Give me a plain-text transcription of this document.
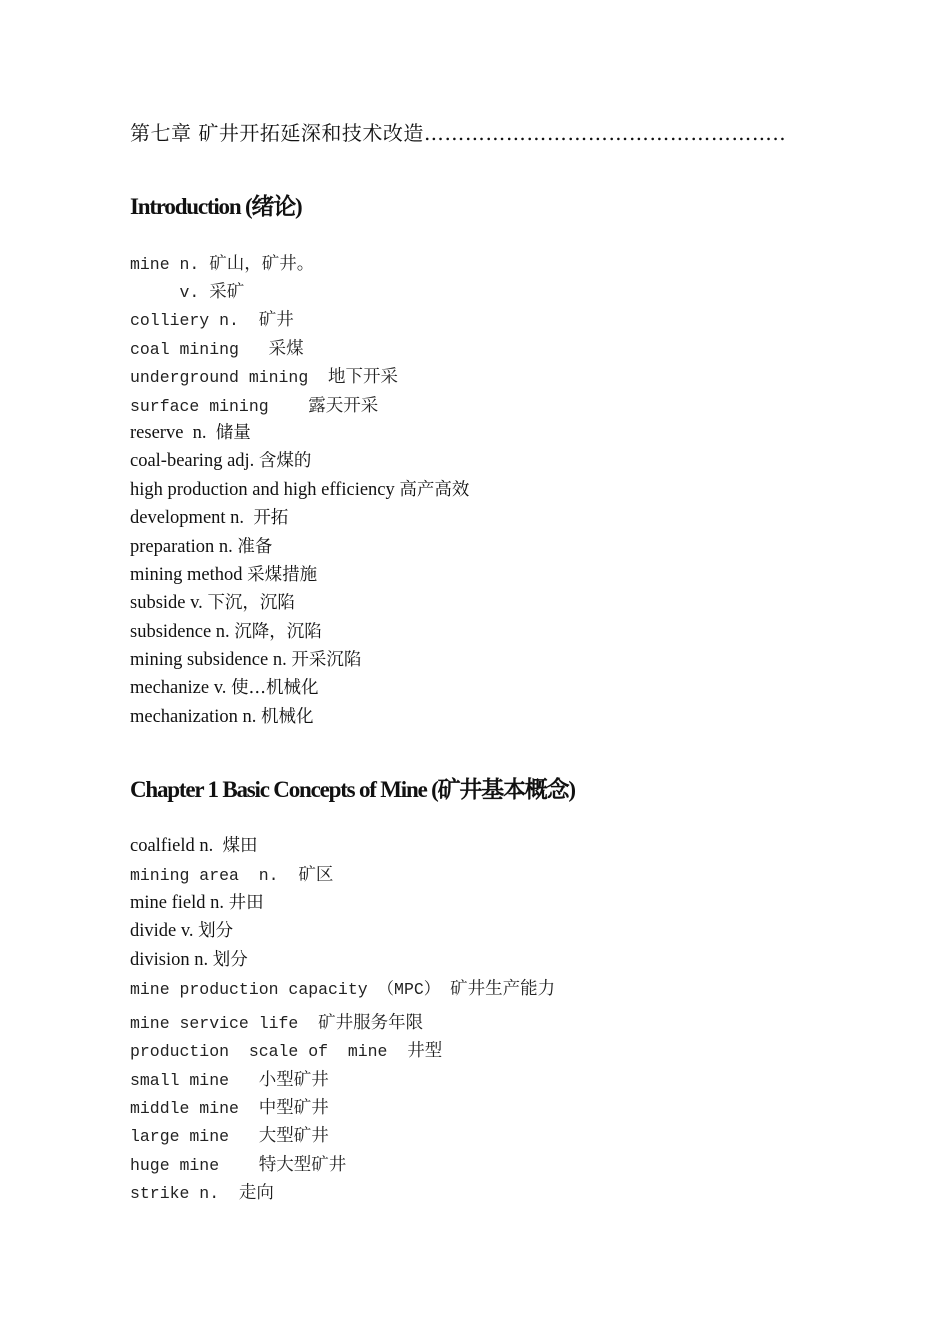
第七章 矿井开拓延深和技术改造……………………………………………..
Introduction (绪论)
mine n. 矿山，矿井。
v. 采矿
colliery n.  矿井
coal mining   采煤
underground mining  地下开采
surface mining    露天开采
reserve  n.  储量
coal-bearing adj. 含煤的
high production and high efficiency 高产高效
development n.  开拓
preparation n. 准备
mining method 采煤措施
subside v. 下沉，沉陷
subsidence n. 沉降，沉陷
mining subsidence n. 开采沉陷
mechanize v. 使…机械化
mechanization n. 机械化
Chapter 1 Basic Concepts of Mine (矿井基本概念)
coalfield n.  煤田
mining area  n.  矿区
mine field n. 井田
divide v. 划分
division n. 划分
mine production capacity （MPC） 矿井生产能力
mine service life  矿井服务年限
production  scale of  mine  井型
small mine   小型矿井
middle mine  中型矿井
large mine   大型矿井
huge mine    特大型矿井
strike n.  走向
